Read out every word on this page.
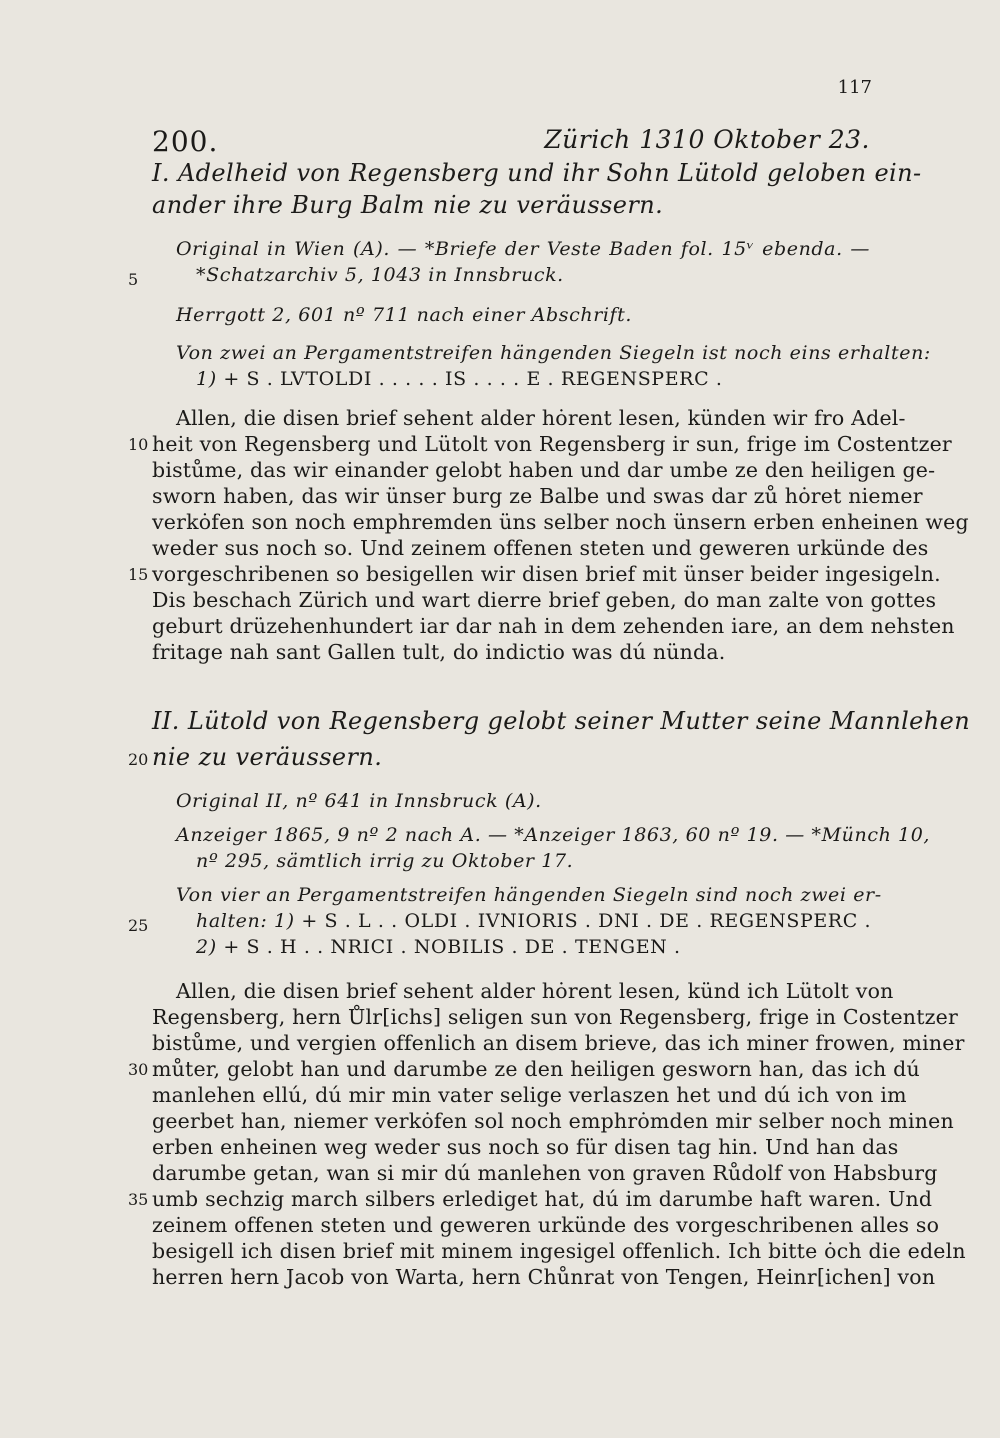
117
200.	Zürich 1310 Oktober 23.
I. Adelheid von Regensberg und ihr Sohn Lütold geloben ein-
ander ihre Burg Balm nie zu veräussern.
Original in Wien (A). — *Briefe der Veste Baden fol. 15ᵛ ebenda. —
5	*Schatzarchiv 5, 1043 in Innsbruck.
Herrgott 2, 601 nº 711 nach einer Abschrift.
Von zwei an Pergamentstreifen hängenden Siegeln ist noch eins erhalten:
1) + S . LVTOLDI . . . . . IS . . . . E . REGENSPERC .
Allen, die disen brief sehent alder hȯrent lesen, künden wir fro Adel-
10 heit von Regensberg und Lütolt von Regensberg ir sun, frige im Costentzer
bistůme, das wir einander gelobt haben und dar umbe ze den heiligen ge-
sworn haben, das wir ünser burg ze Balbe und swas dar zů hȯret niemer
verkȯfen son noch emphremden üns selber noch ünsern erben enheinen weg
weder sus noch so. Und zeinem offenen steten und geweren urkünde des
15 vorgeschribenen so besigellen wir disen brief mit ünser beider ingesigeln.
Dis beschach Zürich und wart dierre brief geben, do man zalte von gottes
geburt drüzehenhundert iar dar nah in dem zehenden iare, an dem nehsten
fritage nah sant Gallen tult, do indictio was dú nünda.
II. Lütold von Regensberg gelobt seiner Mutter seine Mannlehen
20 nie zu veräussern.
Original II, nº 641 in Innsbruck (A).
Anzeiger 1865, 9 nº 2 nach A. — *Anzeiger 1863, 60 nº 19. — *Münch 10,
nº 295, sämtlich irrig zu Oktober 17.
Von vier an Pergamentstreifen hängenden Siegeln sind noch zwei er-
25	halten: 1) + S . L . . OLDI . IVNIORIS . DNI . DE . REGENSPERC .
2) + S . H . . NRICI . NOBILIS . DE . TENGEN .
Allen, die disen brief sehent alder hȯrent lesen, künd ich Lütolt von
Regensberg, hern Ůlr[ichs] seligen sun von Regensberg, frige in Costentzer
bistůme, und vergien offenlich an disem brieve, das ich miner frowen, miner
30 můter, gelobt han und darumbe ze den heiligen gesworn han, das ich dú
manlehen ellú, dú mir min vater selige verlaszen het und dú ich von im
geerbet han, niemer verkȯfen sol noch emphrȯmden mir selber noch minen
erben enheinen weg weder sus noch so für disen tag hin. Und han das
darumbe getan, wan si mir dú manlehen von graven Růdolf von Habsburg
35 umb sechzig march silbers erlediget hat, dú im darumbe haft waren. Und
zeinem offenen steten und geweren urkünde des vorgeschribenen alles so
besigell ich disen brief mit minem ingesigel offenlich. Ich bitte ȯch die edeln
herren hern Jacob von Warta, hern Chůnrat von Tengen, Heinr[ichen] von
